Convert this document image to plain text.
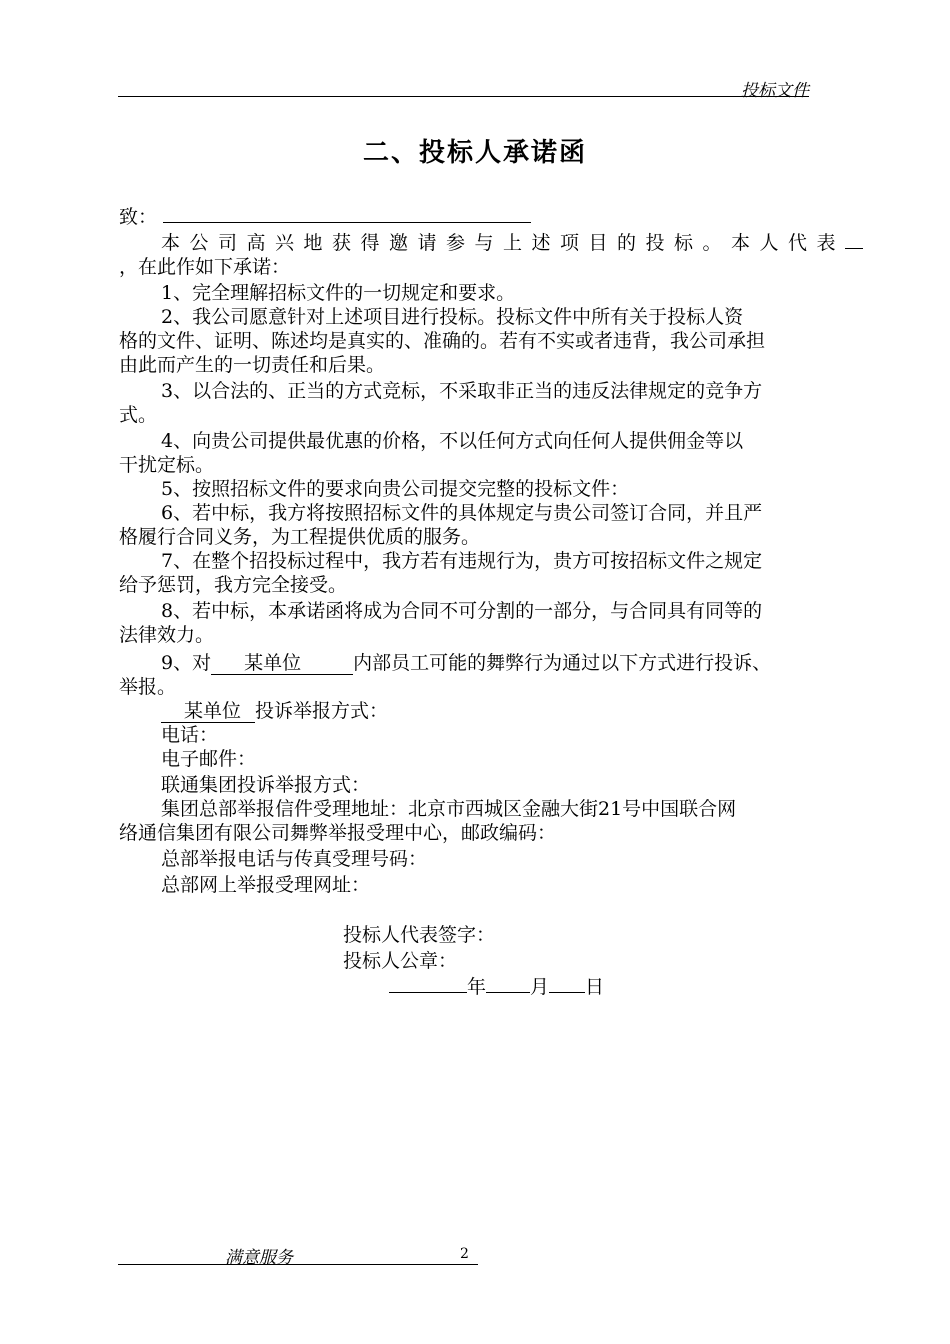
投标文件
二、投标人承诺函
致：
本公司高兴地获得邀请参与上述项目的投标。本人代表
，在此作如下承诺：
1、完全理解招标文件的一切规定和要求。
2、我公司愿意针对上述项目进行投标。投标文件中所有关于投标人资
格的文件、证明、陈述均是真实的、准确的。若有不实或者违背，我公司承担
由此而产生的一切责任和后果。
3、以合法的、正当的方式竞标，不采取非正当的违反法律规定的竞争方
式。
4、向贵公司提供最优惠的价格，不以任何方式向任何人提供佣金等以
干扰定标。
5、按照招标文件的要求向贵公司提交完整的投标文件：
6、若中标，我方将按照招标文件的具体规定与贵公司签订合同，并且严
格履行合同义务，为工程提供优质的服务。
7、在整个招投标过程中，我方若有违规行为，贵方可按招标文件之规定
给予惩罚，我方完全接受。
8、若中标，本承诺函将成为合同不可分割的一部分，与合同具有同等的
法律效力。
9、对 某单位	内部员工可能的舞弊行为通过以下方式进行投诉、
举报。
某单位 投诉举报方式：
电话：
电子邮件：
联通集团投诉举报方式：
集团总部举报信件受理地址：北京市西城区金融大街21号中国联合网
络通信集团有限公司舞弊举报受理中心，邮政编码：
总部举报电话与传真受理号码：
总部网上举报受理网址：
投标人代表签字：
投标人公章：
年 月 日
满意服务	2
